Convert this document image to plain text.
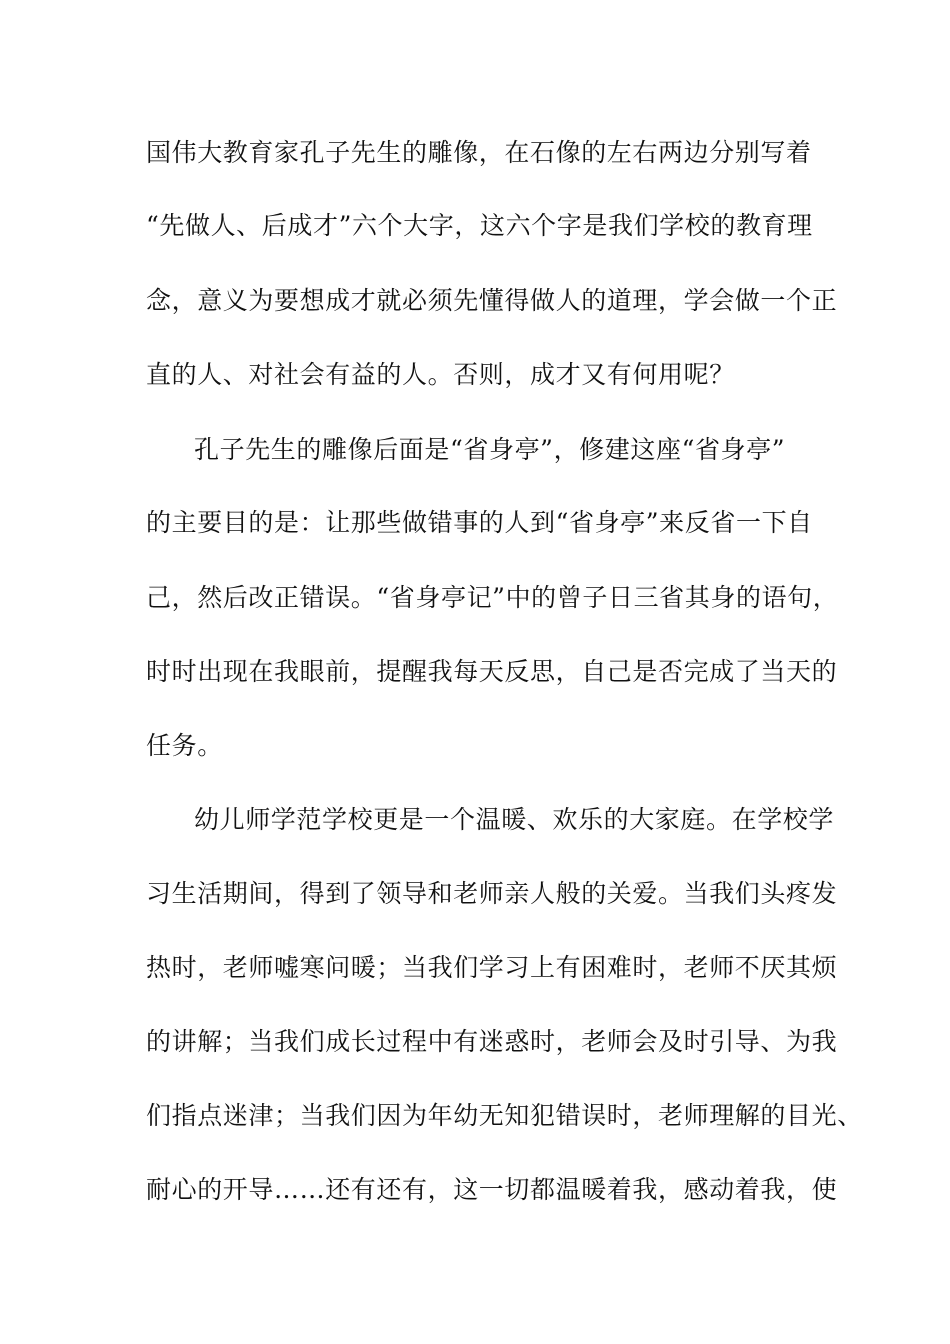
国伟大教育家孔子先生的雕像，在石像的左右两边分别写着
“先做人、后成才”六个大字，这六个字是我们学校的教育理
念，意义为要想成才就必须先懂得做人的道理，学会做一个正
直的人、对社会有益的人。否则，成才又有何用呢？
孔子先生的雕像后面是“省身亭”，修建这座“省身亭”
的主要目的是：让那些做错事的人到“省身亭”来反省一下自
己，然后改正错误。“省身亭记”中的曾子日三省其身的语句，
时时出现在我眼前，提醒我每天反思，自己是否完成了当天的
任务。
幼儿师学范学校更是一个温暖、欢乐的大家庭。在学校学
习生活期间，得到了领导和老师亲人般的关爱。当我们头疼发
热时，老师嘘寒问暖；当我们学习上有困难时，老师不厌其烦
的讲解；当我们成长过程中有迷惑时，老师会及时引导、为我
们指点迷津；当我们因为年幼无知犯错误时，老师理解的目光、
耐心的开导……还有还有，这一切都温暖着我，感动着我，使
